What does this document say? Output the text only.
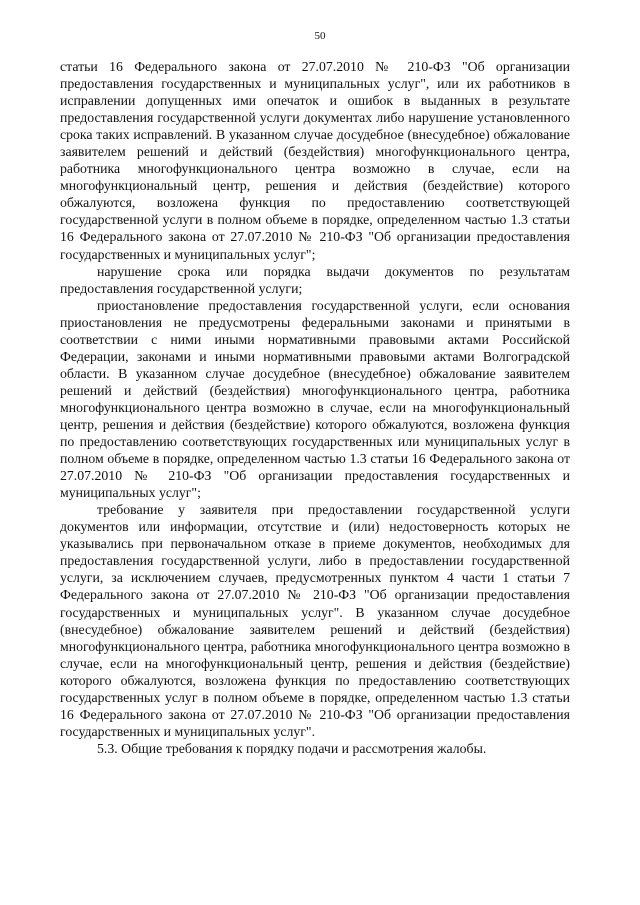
50

статьи 16 Федерального закона от 27.07.2010 № 210-ФЗ "Об организации предоставления государственных и муниципальных услуг", или их работников в исправлении допущенных ими опечаток и ошибок в выданных в результате предоставления государственной услуги документах либо нарушение установленного срока таких исправлений. В указанном случае досудебное (внесудебное) обжалование заявителем решений и действий (бездействия) многофункционального центра, работника многофункционального центра возможно в случае, если на многофункциональный центр, решения и действия (бездействие) которого обжалуются, возложена функция по предоставлению соответствующей государственной услуги в полном объеме в порядке, определенном частью 1.3 статьи 16 Федерального закона от 27.07.2010 № 210-ФЗ "Об организации предоставления государственных и муниципальных услуг";

нарушение срока или порядка выдачи документов по результатам предоставления государственной услуги;

приостановление предоставления государственной услуги, если основания приостановления не предусмотрены федеральными законами и принятыми в соответствии с ними иными нормативными правовыми актами Российской Федерации, законами и иными нормативными правовыми актами Волгоградской области. В указанном случае досудебное (внесудебное) обжалование заявителем решений и действий (бездействия) многофункционального центра, работника многофункционального центра возможно в случае, если на многофункциональный центр, решения и действия (бездействие) которого обжалуются, возложена функция по предоставлению соответствующих государственных или муниципальных услуг в полном объеме в порядке, определенном частью 1.3 статьи 16 Федерального закона от 27.07.2010 № 210-ФЗ "Об организации предоставления государственных и муниципальных услуг";

требование у заявителя при предоставлении государственной услуги документов или информации, отсутствие и (или) недостоверность которых не указывались при первоначальном отказе в приеме документов, необходимых для предоставления государственной услуги, либо в предоставлении государственной услуги, за исключением случаев, предусмотренных пунктом 4 части 1 статьи 7 Федерального закона от 27.07.2010 № 210-ФЗ "Об организации предоставления государственных и муниципальных услуг". В указанном случае досудебное (внесудебное) обжалование заявителем решений и действий (бездействия) многофункционального центра, работника многофункционального центра возможно в случае, если на многофункциональный центр, решения и действия (бездействие) которого обжалуются, возложена функция по предоставлению соответствующих государственных услуг в полном объеме в порядке, определенном частью 1.3 статьи 16 Федерального закона от 27.07.2010 № 210-ФЗ "Об организации предоставления государственных и муниципальных услуг".

5.3. Общие требования к порядку подачи и рассмотрения жалобы.
